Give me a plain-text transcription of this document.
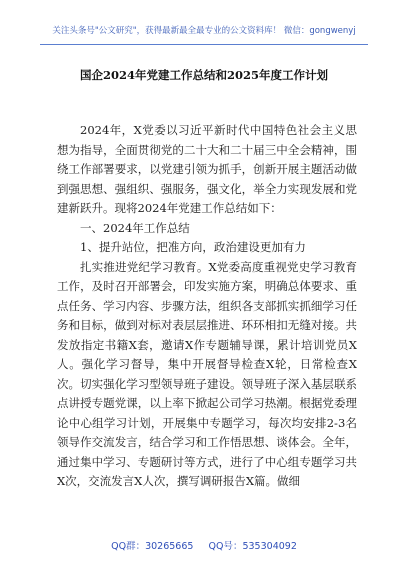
关注头条号"公文研究"，获得最新最全最专业的公文资料库！ 微信：gongwenyj
国企2024年党建工作总结和2025年度工作计划

2024年，X党委以习近平新时代中国特色社会主义思想为指导，全面贯彻党的二十大和二十届三中全会精神，围绕工作部署要求，以党建引领为抓手，创新开展主题活动做到强思想、强组织、强服务，强文化，举全力实现发展和党建新跃升。现将2024年党建工作总结如下：

一、2024年工作总结

1、提升站位，把准方向，政治建设更加有力

扎实推进党纪学习教育。X党委高度重视党史学习教育工作，及时召开部署会，印发实施方案，明确总体要求、重点任务、学习内容、步骤方法，组织各支部抓实抓细学习任务和目标，做到对标对表层层推进、环环相扣无缝对接。共发放指定书籍X套，邀请X作专题辅导课，累计培训党员X人。强化学习督导，集中开展督导检查X轮，日常检查X次。切实强化学习型领导班子建设。领导班子深入基层联系点讲授专题党课，以上率下掀起公司学习热潮。根据党委理论中心组学习计划，开展集中专题学习，每次均安排2-3名领导作交流发言，结合学习和工作悟思想、谈体会。全年，通过集中学习、专题研讨等方式，进行了中心组专题学习共X次，交流发言X人次，撰写调研报告X篇。做细

QQ群：30265665     QQ号：535304092
